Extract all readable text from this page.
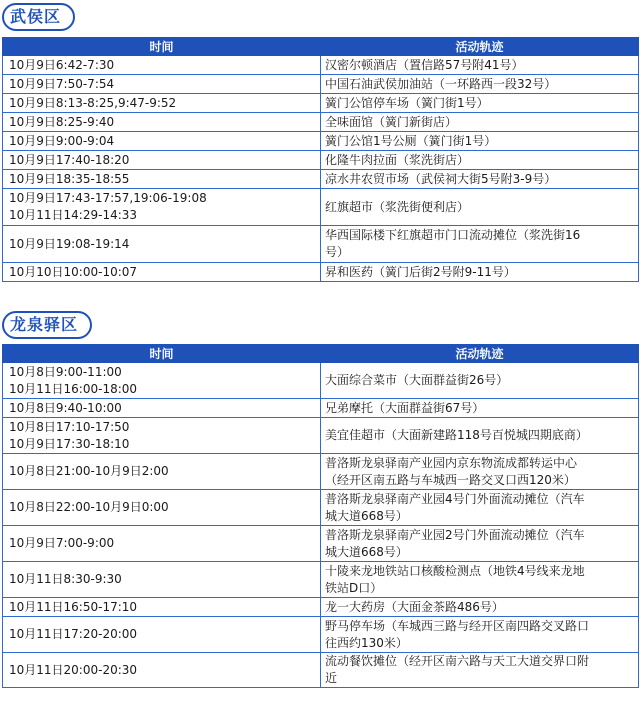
武侯区
时间	活动轨迹
10月9日6:42-7:30	汉密尔顿酒店（置信路57号附41号）
10月9日7:50-7:54	中国石油武侯加油站（一环路西一段32号）
10月9日8:13-8:25,9:47-9:52	簧门公馆停车场（簧门街1号）
10月9日8:25-9:40	全味面馆（簧门新街店）
10月9日9:00-9:04	簧门公馆1号公厕（簧门街1号）
10月9日17:40-18:20	化隆牛肉拉面（浆洗街店）
10月9日18:35-18:55	凉水井农贸市场（武侯祠大街5号附3-9号）
10月9日17:43-17:57,19:06-19:08
10月11日14:29-14:33	红旗超市（浆洗街便利店）
10月9日19:08-19:14	华西国际楼下红旗超市门口流动摊位（浆洗街16
号）
10月10日10:00-10:07	昇和医药（簧门后街2号附9-11号）
龙泉驿区
时间	活动轨迹
10月8日9:00-11:00
10月11日16:00-18:00	大面综合菜市（大面群益街26号）
10月8日9:40-10:00	兄弟摩托（大面群益街67号）
10月8日17:10-17:50
10月9日17:30-18:10	美宜佳超市（大面新建路118号百悦城四期底商）
10月8日21:00-10月9日2:00	普洛斯龙泉驿南产业园内京东物流成都转运中心
（经开区南五路与车城西一路交叉口西120米）
10月8日22:00-10月9日0:00	普洛斯龙泉驿南产业园4号门外面流动摊位（汽车
城大道668号）
10月9日7:00-9:00	普洛斯龙泉驿南产业园2号门外面流动摊位（汽车
城大道668号）
10月11日8:30-9:30	十陵来龙地铁站口核酸检测点（地铁4号线来龙地
铁站D口）
10月11日16:50-17:10	龙一大药房（大面金茶路486号）
10月11日17:20-20:00	野马停车场（车城西三路与经开区南四路交叉路口
往西约130米）
10月11日20:00-20:30	流动餐饮摊位（经开区南六路与天工大道交界口附
近
